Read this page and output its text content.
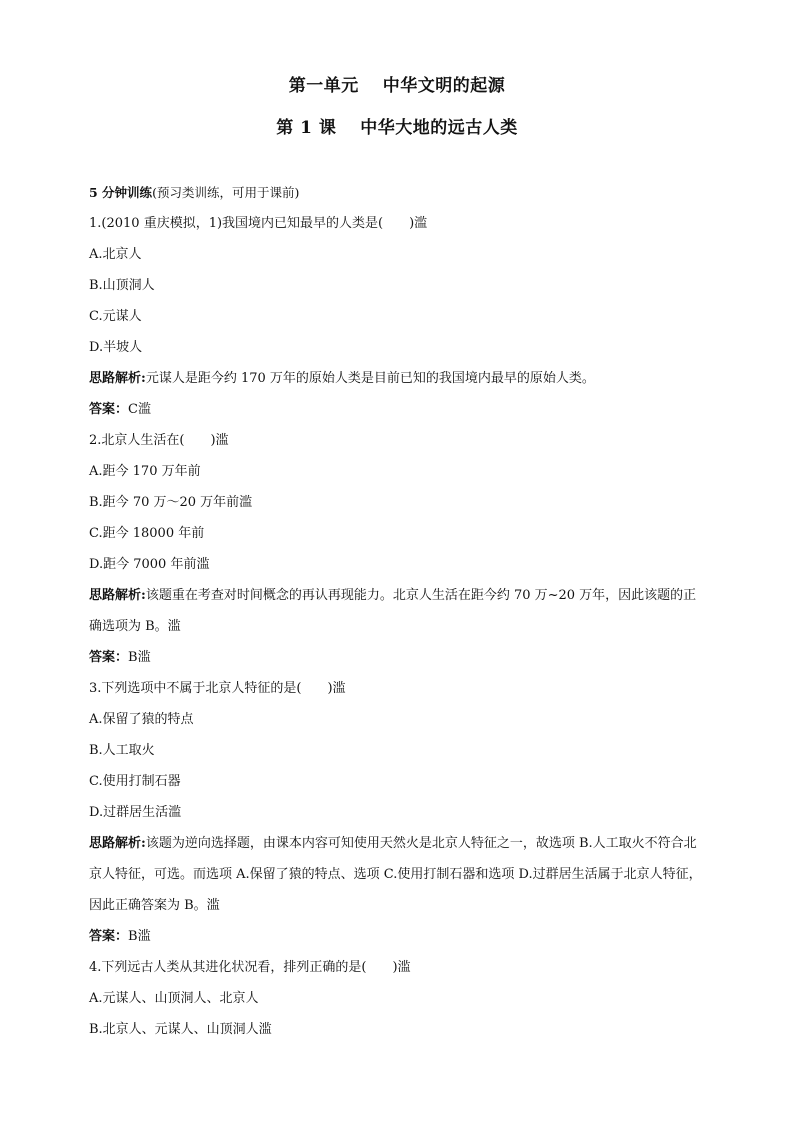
第一单元　 中华文明的起源
第 1 课　 中华大地的远古人类
5 分钟训练(预习类训练，可用于课前)
1.(2010 重庆模拟，1)我国境内已知最早的人类是(　　)滥
A.北京人
B.山顶洞人
C.元谋人
D.半坡人
思路解析:元谋人是距今约 170 万年的原始人类是目前已知的我国境内最早的原始人类。
答案：C滥
2.北京人生活在(　　)滥
A.距今 170 万年前
B.距今 70 万～20 万年前滥
C.距今 18000 年前
D.距今 7000 年前滥
思路解析:该题重在考查对时间概念的再认再现能力。北京人生活在距今约 70 万~20 万年，因此该题的正确选项为 B。滥
答案：B滥
3.下列选项中不属于北京人特征的是(　　)滥
A.保留了猿的特点
B.人工取火
C.使用打制石器
D.过群居生活滥
思路解析:该题为逆向选择题，由课本内容可知使用天然火是北京人特征之一，故选项 B.人工取火不符合北京人特征，可选。而选项 A.保留了猿的特点、选项 C.使用打制石器和选项 D.过群居生活属于北京人特征，因此正确答案为 B。滥
答案：B滥
4.下列远古人类从其进化状况看，排列正确的是(　　)滥
A.元谋人、山顶洞人、北京人
B.北京人、元谋人、山顶洞人滥
